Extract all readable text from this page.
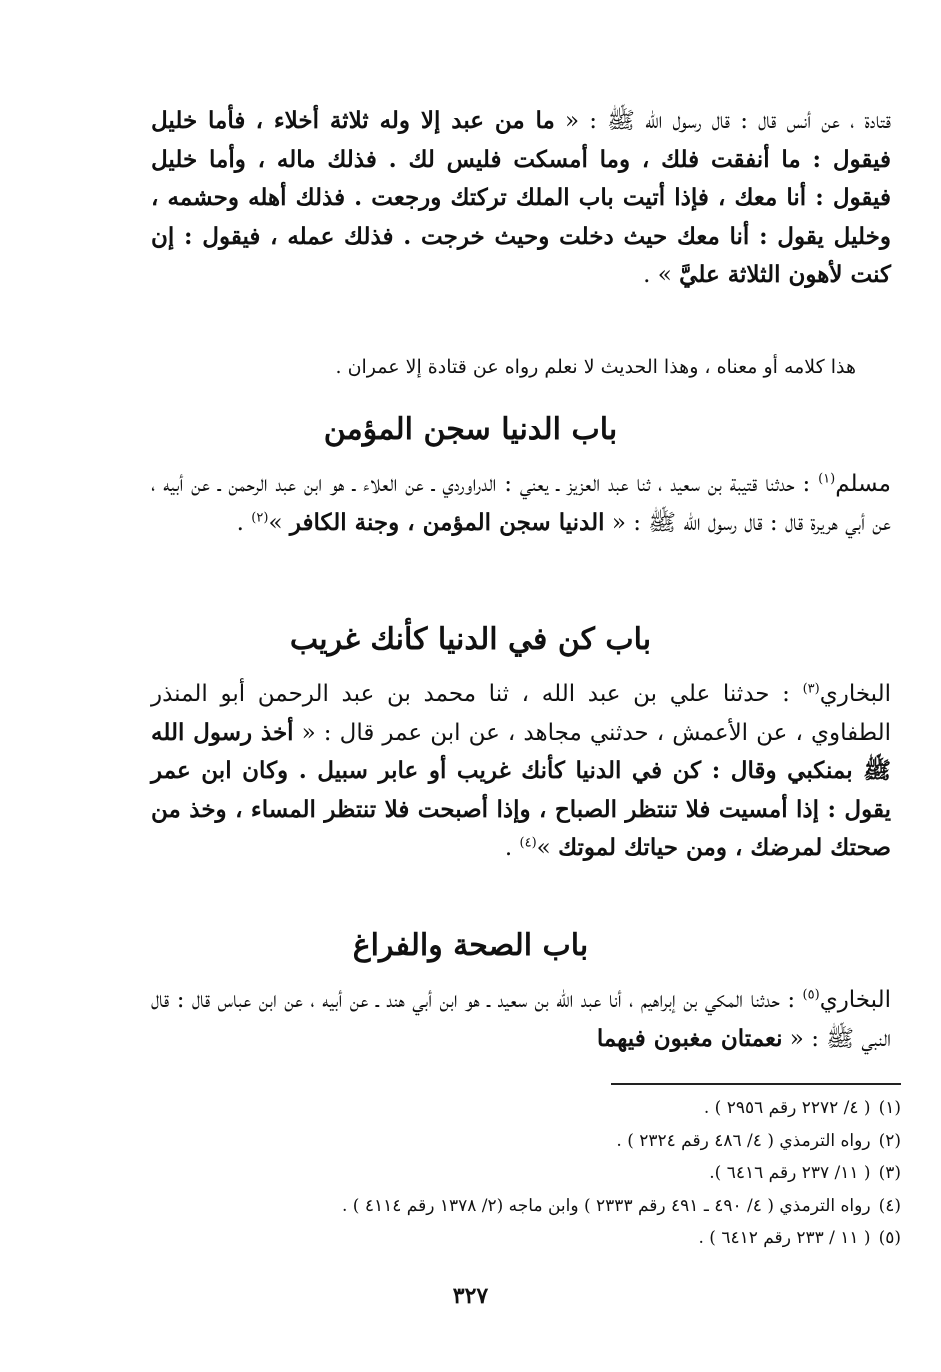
قتادة ، عن أنس قال : قال رسول الله ﷺ : « ما من عبد إلا وله ثلاثة أخلاء ، فأما خليل فيقول : ما أنفقت فلك ، وما أمسكت فليس لك . فذلك ماله ، وأما خليل فيقول : أنا معك ، فإذا أتيت باب الملك تركتك ورجعت . فذلك أهله وحشمه ، وخليل يقول : أنا معك حيث دخلت وحيث خرجت . فذلك عمله ، فيقول : إن كنت لأهون الثلاثة عليَّ » .
هذا كلامه أو معناه ، وهذا الحديث لا نعلم رواه عن قتادة إلا عمران .
باب الدنيا سجن المؤمن
مسلم$^{(١)}$ : حدثنا قتيبة بن سعيد ، ثنا عبد العزيز ـ يعني : الدراوردي ـ عن العلاء ـ هو ابن عبد الرحمن ـ عن أبيه ، عن أبي هريرة قال : قال رسول الله ﷺ : « الدنيا سجن المؤمن ، وجنة الكافر »$^{(٢)}$ .
باب كن في الدنيا كأنك غريب
البخاري$^{(٣)}$ : حدثنا علي بن عبد الله ، ثنا محمد بن عبد الرحمن أبو المنذر الطفاوي ، عن الأعمش ، حدثني مجاهد ، عن ابن عمر قال : « أخذ رسول الله ﷺ بمنكبي وقال : كن في الدنيا كأنك غريب أو عابر سبيل . وكان ابن عمر يقول : إذا أمسيت فلا تنتظر الصباح ، وإذا أصبحت فلا تنتظر المساء ، وخذ من صحتك لمرضك ، ومن حياتك لموتك »$^{(٤)}$ .
باب الصحة والفراغ
البخاري$^{(٥)}$ : حدثنا المكي بن إبراهيم ، أنا عبد الله بن سعيد ـ هو ابن أبي هند ـ عن أبيه ، عن ابن عباس قال : قال النبي ﷺ : « نعمتان مغبون فيهما
(١)( ٤/ ٢٢٧٢ رقم ٢٩٥٦ ) .
(٢)رواه الترمذي ( ٤/ ٤٨٦ رقم ٢٣٢٤ ) .
(٣)( ١١/ ٢٣٧ رقم ٦٤١٦ ).
(٤)رواه الترمذي ( ٤/ ٤٩٠ ـ ٤٩١ رقم ٢٣٣٣ ) وابن ماجه (٢/ ١٣٧٨ رقم ٤١١٤ ) .
(٥)( ١١ / ٢٣٣ رقم ٦٤١٢ ) .
٣٢٧
